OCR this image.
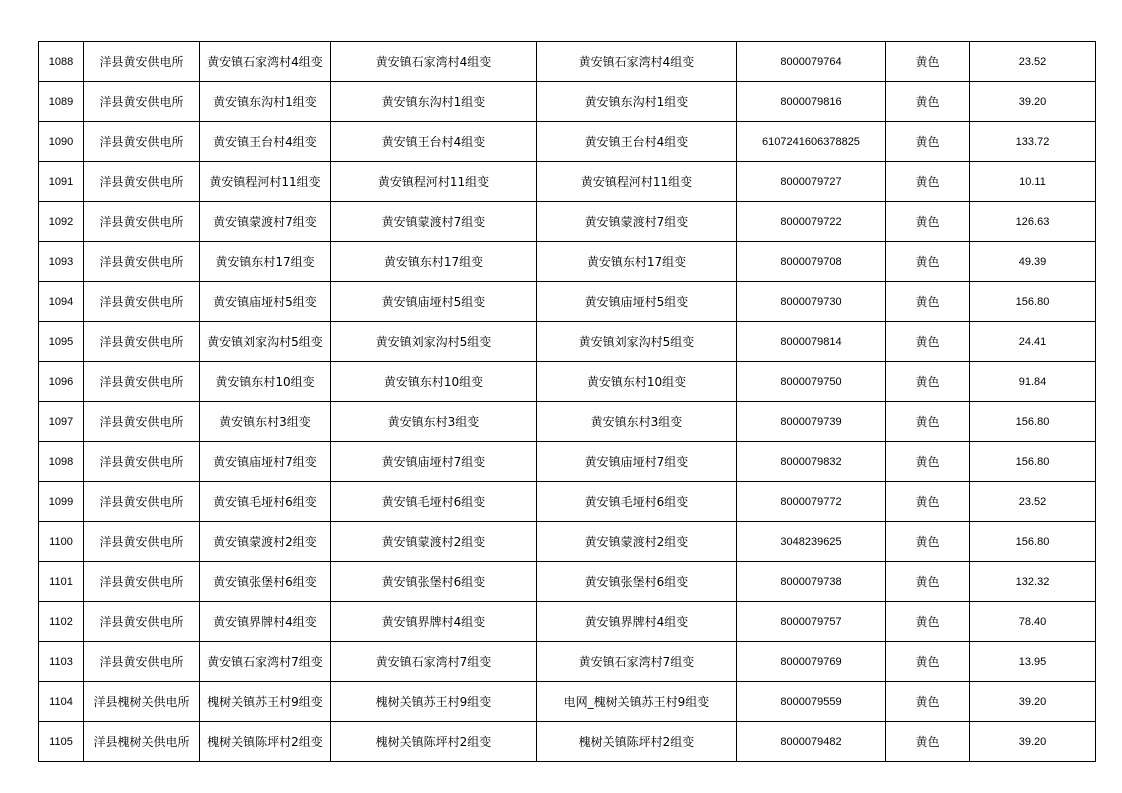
1088	洋县黄安供电所	黄安镇石家湾村4组变	黄安镇石家湾村4组变	黄安镇石家湾村4组变	8000079764	黄色	23.52
1089	洋县黄安供电所	黄安镇东沟村1组变	黄安镇东沟村1组变	黄安镇东沟村1组变	8000079816	黄色	39.20
1090	洋县黄安供电所	黄安镇王台村4组变	黄安镇王台村4组变	黄安镇王台村4组变	6107241606378825	黄色	133.72
1091	洋县黄安供电所	黄安镇程河村11组变	黄安镇程河村11组变	黄安镇程河村11组变	8000079727	黄色	10.11
1092	洋县黄安供电所	黄安镇蒙渡村7组变	黄安镇蒙渡村7组变	黄安镇蒙渡村7组变	8000079722	黄色	126.63
1093	洋县黄安供电所	黄安镇东村17组变	黄安镇东村17组变	黄安镇东村17组变	8000079708	黄色	49.39
1094	洋县黄安供电所	黄安镇庙垭村5组变	黄安镇庙垭村5组变	黄安镇庙垭村5组变	8000079730	黄色	156.80
1095	洋县黄安供电所	黄安镇刘家沟村5组变	黄安镇刘家沟村5组变	黄安镇刘家沟村5组变	8000079814	黄色	24.41
1096	洋县黄安供电所	黄安镇东村10组变	黄安镇东村10组变	黄安镇东村10组变	8000079750	黄色	91.84
1097	洋县黄安供电所	黄安镇东村3组变	黄安镇东村3组变	黄安镇东村3组变	8000079739	黄色	156.80
1098	洋县黄安供电所	黄安镇庙垭村7组变	黄安镇庙垭村7组变	黄安镇庙垭村7组变	8000079832	黄色	156.80
1099	洋县黄安供电所	黄安镇毛垭村6组变	黄安镇毛垭村6组变	黄安镇毛垭村6组变	8000079772	黄色	23.52
1100	洋县黄安供电所	黄安镇蒙渡村2组变	黄安镇蒙渡村2组变	黄安镇蒙渡村2组变	3048239625	黄色	156.80
1101	洋县黄安供电所	黄安镇张堡村6组变	黄安镇张堡村6组变	黄安镇张堡村6组变	8000079738	黄色	132.32
1102	洋县黄安供电所	黄安镇界牌村4组变	黄安镇界牌村4组变	黄安镇界牌村4组变	8000079757	黄色	78.40
1103	洋县黄安供电所	黄安镇石家湾村7组变	黄安镇石家湾村7组变	黄安镇石家湾村7组变	8000079769	黄色	13.95
1104	洋县槐树关供电所	槐树关镇苏王村9组变	槐树关镇苏王村9组变	电网_槐树关镇苏王村9组变	8000079559	黄色	39.20
1105	洋县槐树关供电所	槐树关镇陈坪村2组变	槐树关镇陈坪村2组变	槐树关镇陈坪村2组变	8000079482	黄色	39.20
